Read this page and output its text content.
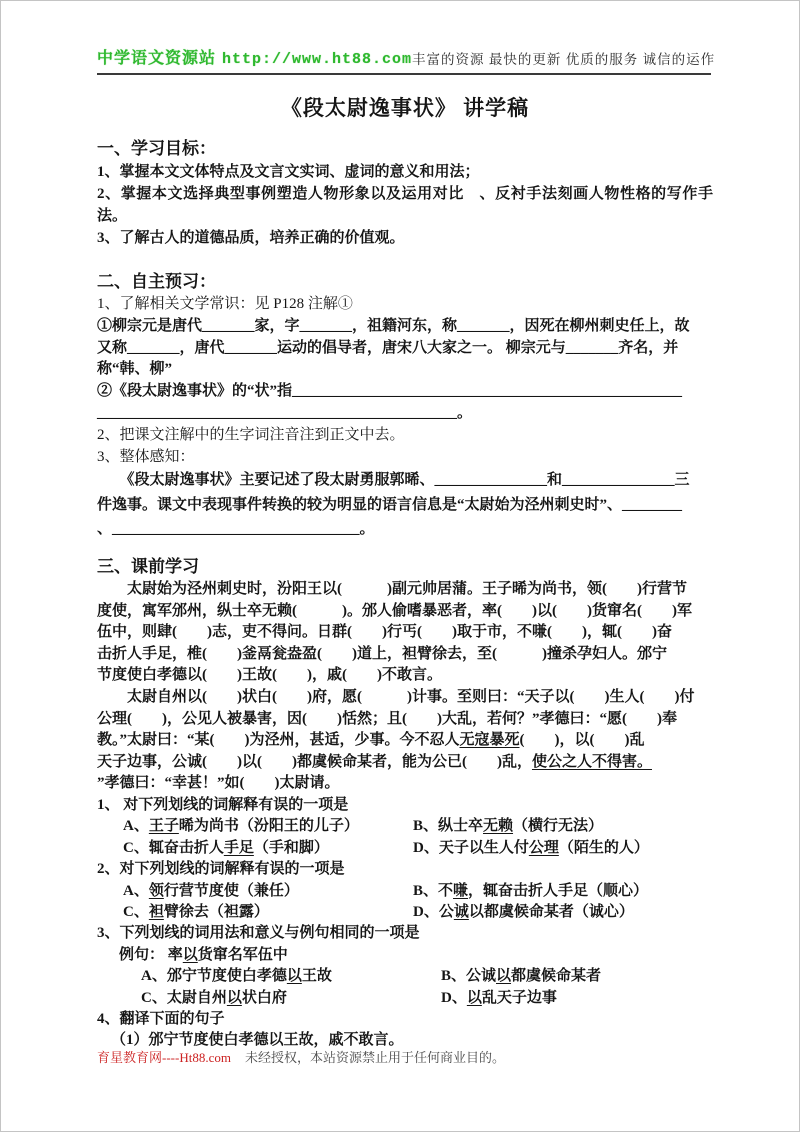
中学语文资源站 http://www.ht88.com 丰富的资源 最快的更新 优质的服务 诚信的运作
《段太尉逸事状》 讲学稿
一、学习目标：
1、掌握本文文体特点及文言文实词、虚词的意义和用法；
2、掌握本文选择典型事例塑造人物形象以及运用对比　、反衬手法刻画人物性格的写作手法。
3、了解古人的道德品质，培养正确的价值观。
二、自主预习：
1、了解相关文学常识：见 P128 注解①
①柳宗元是唐代_______家，字_______，祖籍河东，称_______，因死在柳州刺史任上，故
又称_______，唐代_______运动的倡导者，唐宋八大家之一。 柳宗元与_______齐名，并
称“韩、柳”
②《段太尉逸事状》的“状”指____________________________________________________
________________________________________________。
2、把课文注解中的生字词注音注到正文中去。
3、整体感知：
　　《段太尉逸事状》主要记述了段太尉勇服郭晞、_______________和_______________三
件逸事。课文中表现事件转换的较为明显的语言信息是“太尉始为泾州刺史时”、________
、_________________________________。
三、课前学习
　　太尉始为泾州刺史时，汾阳王以(　　　)副元帅居蒲。王子晞为尚书，领(　　)行营节
度使，寓军邠州，纵士卒无赖(　　　)。邠人偷嗜暴恶者，率(　　)以(　　)货窜名(　　)军
伍中，则肆(　　)志，吏不得问。日群(　　)行丐(　　)取于市，不嗛(　　)，辄(　　)奋
击折人手足，椎(　　)釜鬲瓮盎盈(　　)道上，袒臂徐去，至(　　　)撞杀孕妇人。邠宁
节度使白孝德以(　　)王故(　　)，戚(　　)不敢言。
　　太尉自州以(　　)状白(　　)府，愿(　　　)计事。至则曰：“天子以(　　)生人(　　)付
公理(　　)，公见人被暴害，因(　　)恬然；且(　　)大乱，若何？”孝德曰：“愿(　　)奉
教。”太尉曰：“某(　　)为泾州，甚适，少事。今不忍人无寇暴死(　　)，以(　　)乱
天子边事，公诚(　　)以(　　)都虞候命某者，能为公已(　　)乱，使公之人不得害。
”孝德曰：“幸甚！”如(　　)太尉请。
1、 对下列划线的词解释有误的一项是
A、王子晞为尚书（汾阳王的儿子）	B、纵士卒无赖（横行无法）
C、辄奋击折人手足（手和脚）	D、天子以生人付公理（陌生的人）
2、对下列划线的词解释有误的一项是
A、领行营节度使（兼任）	B、不嗛，辄奋击折人手足（顺心）
C、袒臂徐去（袒露）	D、公诚以都虞候命某者（诚心）
3、下列划线的词用法和意义与例句相同的一项是
例句： 率以货窜名军伍中
A、邠宁节度使白孝德以王故	B、公诚以都虞候命某者
C、太尉自州以状白府	D、以乱天子边事
4、翻译下面的句子
（1）邠宁节度使白孝德以王故，戚不敢言。
育星教育网----Ht88.com 未经授权，本站资源禁止用于任何商业目的。
